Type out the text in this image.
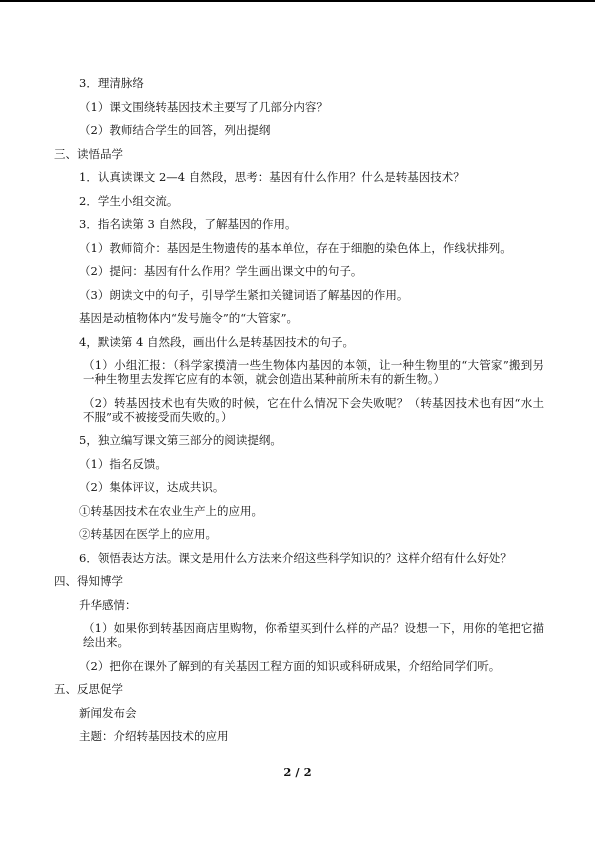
3．理清脉络
（1）课文围绕转基因技术主要写了几部分内容？
（2）教师结合学生的回答，列出提纲
三、读悟品学
1．认真读课文 2—4 自然段，思考：基因有什么作用？什么是转基因技术？
2．学生小组交流。
3．指名读第 3 自然段，了解基因的作用。
（1）教师简介：基因是生物遗传的基本单位，存在于细胞的染色体上，作线状排列。
（2）提问：基因有什么作用？学生画出课文中的句子。
（3）朗读文中的句子，引导学生紧扣关键词语了解基因的作用。
基因是动植物体内“发号施令”的“大管家”。
4，默读第 4 自然段，画出什么是转基因技术的句子。
（1）小组汇报：（科学家摸清一些生物体内基因的本领，让一种生物里的“大管家”搬到另一种生物里去发挥它应有的本领，就会创造出某种前所未有的新生物。）
（2）转基因技术也有失败的时候，它在什么情况下会失败呢？（转基因技术也有因“水土不服”或不被接受而失败的。）
5，独立编写课文第三部分的阅读提纲。
（1）指名反馈。
（2）集体评议，达成共识。
①转基因技术在农业生产上的应用。
②转基因在医学上的应用。
6．领悟表达方法。课文是用什么方法来介绍这些科学知识的？这样介绍有什么好处？
四、得知博学
升华感情：
（1）如果你到转基因商店里购物，你希望买到什么样的产品？设想一下，用你的笔把它描绘出来。
（2）把你在课外了解到的有关基因工程方面的知识或科研成果，介绍给同学们听。
五、反思促学
新闻发布会
主题：介绍转基因技术的应用
2 / 2
